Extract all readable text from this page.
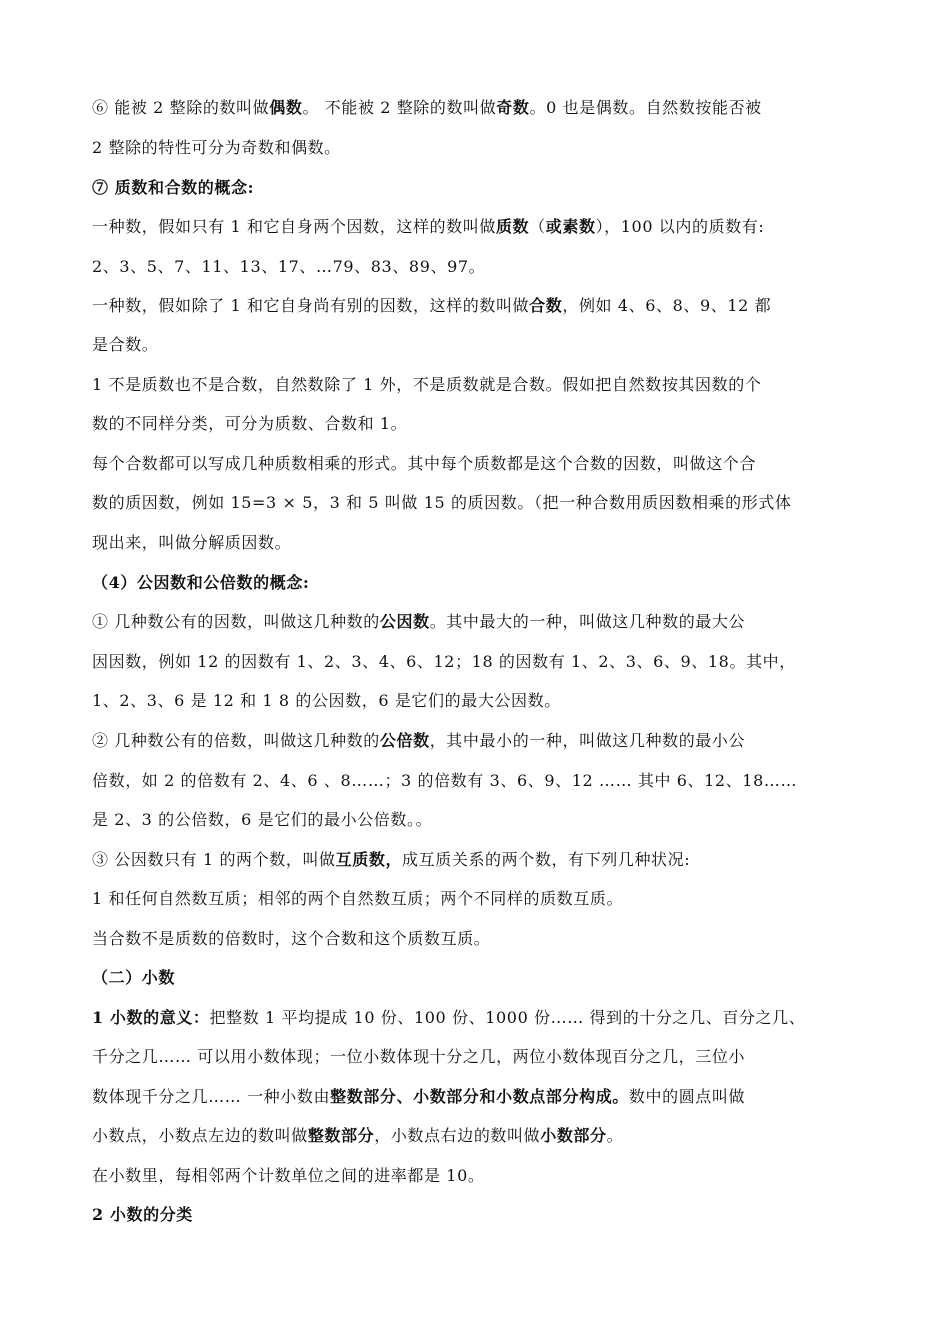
⑥ 能被 2 整除的数叫做偶数。 不能被 2 整除的数叫做奇数。0 也是偶数。自然数按能否被
2 整除的特性可分为奇数和偶数。
⑦ 质数和合数的概念:
一种数，假如只有 1 和它自身两个因数，这样的数叫做质数（或素数），100 以内的质数有:
2、3、5、7、11、13、17、…79、83、89、97。
一种数，假如除了 1 和它自身尚有别的因数，这样的数叫做合数，例如 4、6、8、9、12 都
是合数。
1 不是质数也不是合数，自然数除了 1 外，不是质数就是合数。假如把自然数按其因数的个
数的不同样分类，可分为质数、合数和 1。
每个合数都可以写成几种质数相乘的形式。其中每个质数都是这个合数的因数，叫做这个合
数的质因数，例如 15=3 × 5，3 和 5 叫做 15 的质因数。（把一种合数用质因数相乘的形式体
现出来，叫做分解质因数。
（4）公因数和公倍数的概念:
① 几种数公有的因数，叫做这几种数的公因数。其中最大的一种，叫做这几种数的最大公
因因数，例如 12 的因数有 1、2、3、4、6、12；18 的因数有 1、2、3、6、9、18。其中，
1、2、3、6 是 12 和 1 8 的公因数，6 是它们的最大公因数。
② 几种数公有的倍数，叫做这几种数的公倍数，其中最小的一种，叫做这几种数的最小公
倍数，如 2 的倍数有 2、4、6 、8……；3 的倍数有 3、6、9、12 …… 其中 6、12、18……
是 2、3 的公倍数，6 是它们的最小公倍数。。
③ 公因数只有 1 的两个数，叫做互质数，成互质关系的两个数，有下列几种状况:
1 和任何自然数互质；相邻的两个自然数互质；两个不同样的质数互质。
当合数不是质数的倍数时，这个合数和这个质数互质。
（二）小数
1 小数的意义：把整数 1 平均提成 10 份、100 份、1000 份…… 得到的十分之几、百分之几、
千分之几…… 可以用小数体现；一位小数体现十分之几，两位小数体现百分之几，三位小
数体现千分之几…… 一种小数由整数部分、小数部分和小数点部分构成。数中的圆点叫做
小数点，小数点左边的数叫做整数部分，小数点右边的数叫做小数部分。
在小数里，每相邻两个计数单位之间的进率都是 10。
2 小数的分类
